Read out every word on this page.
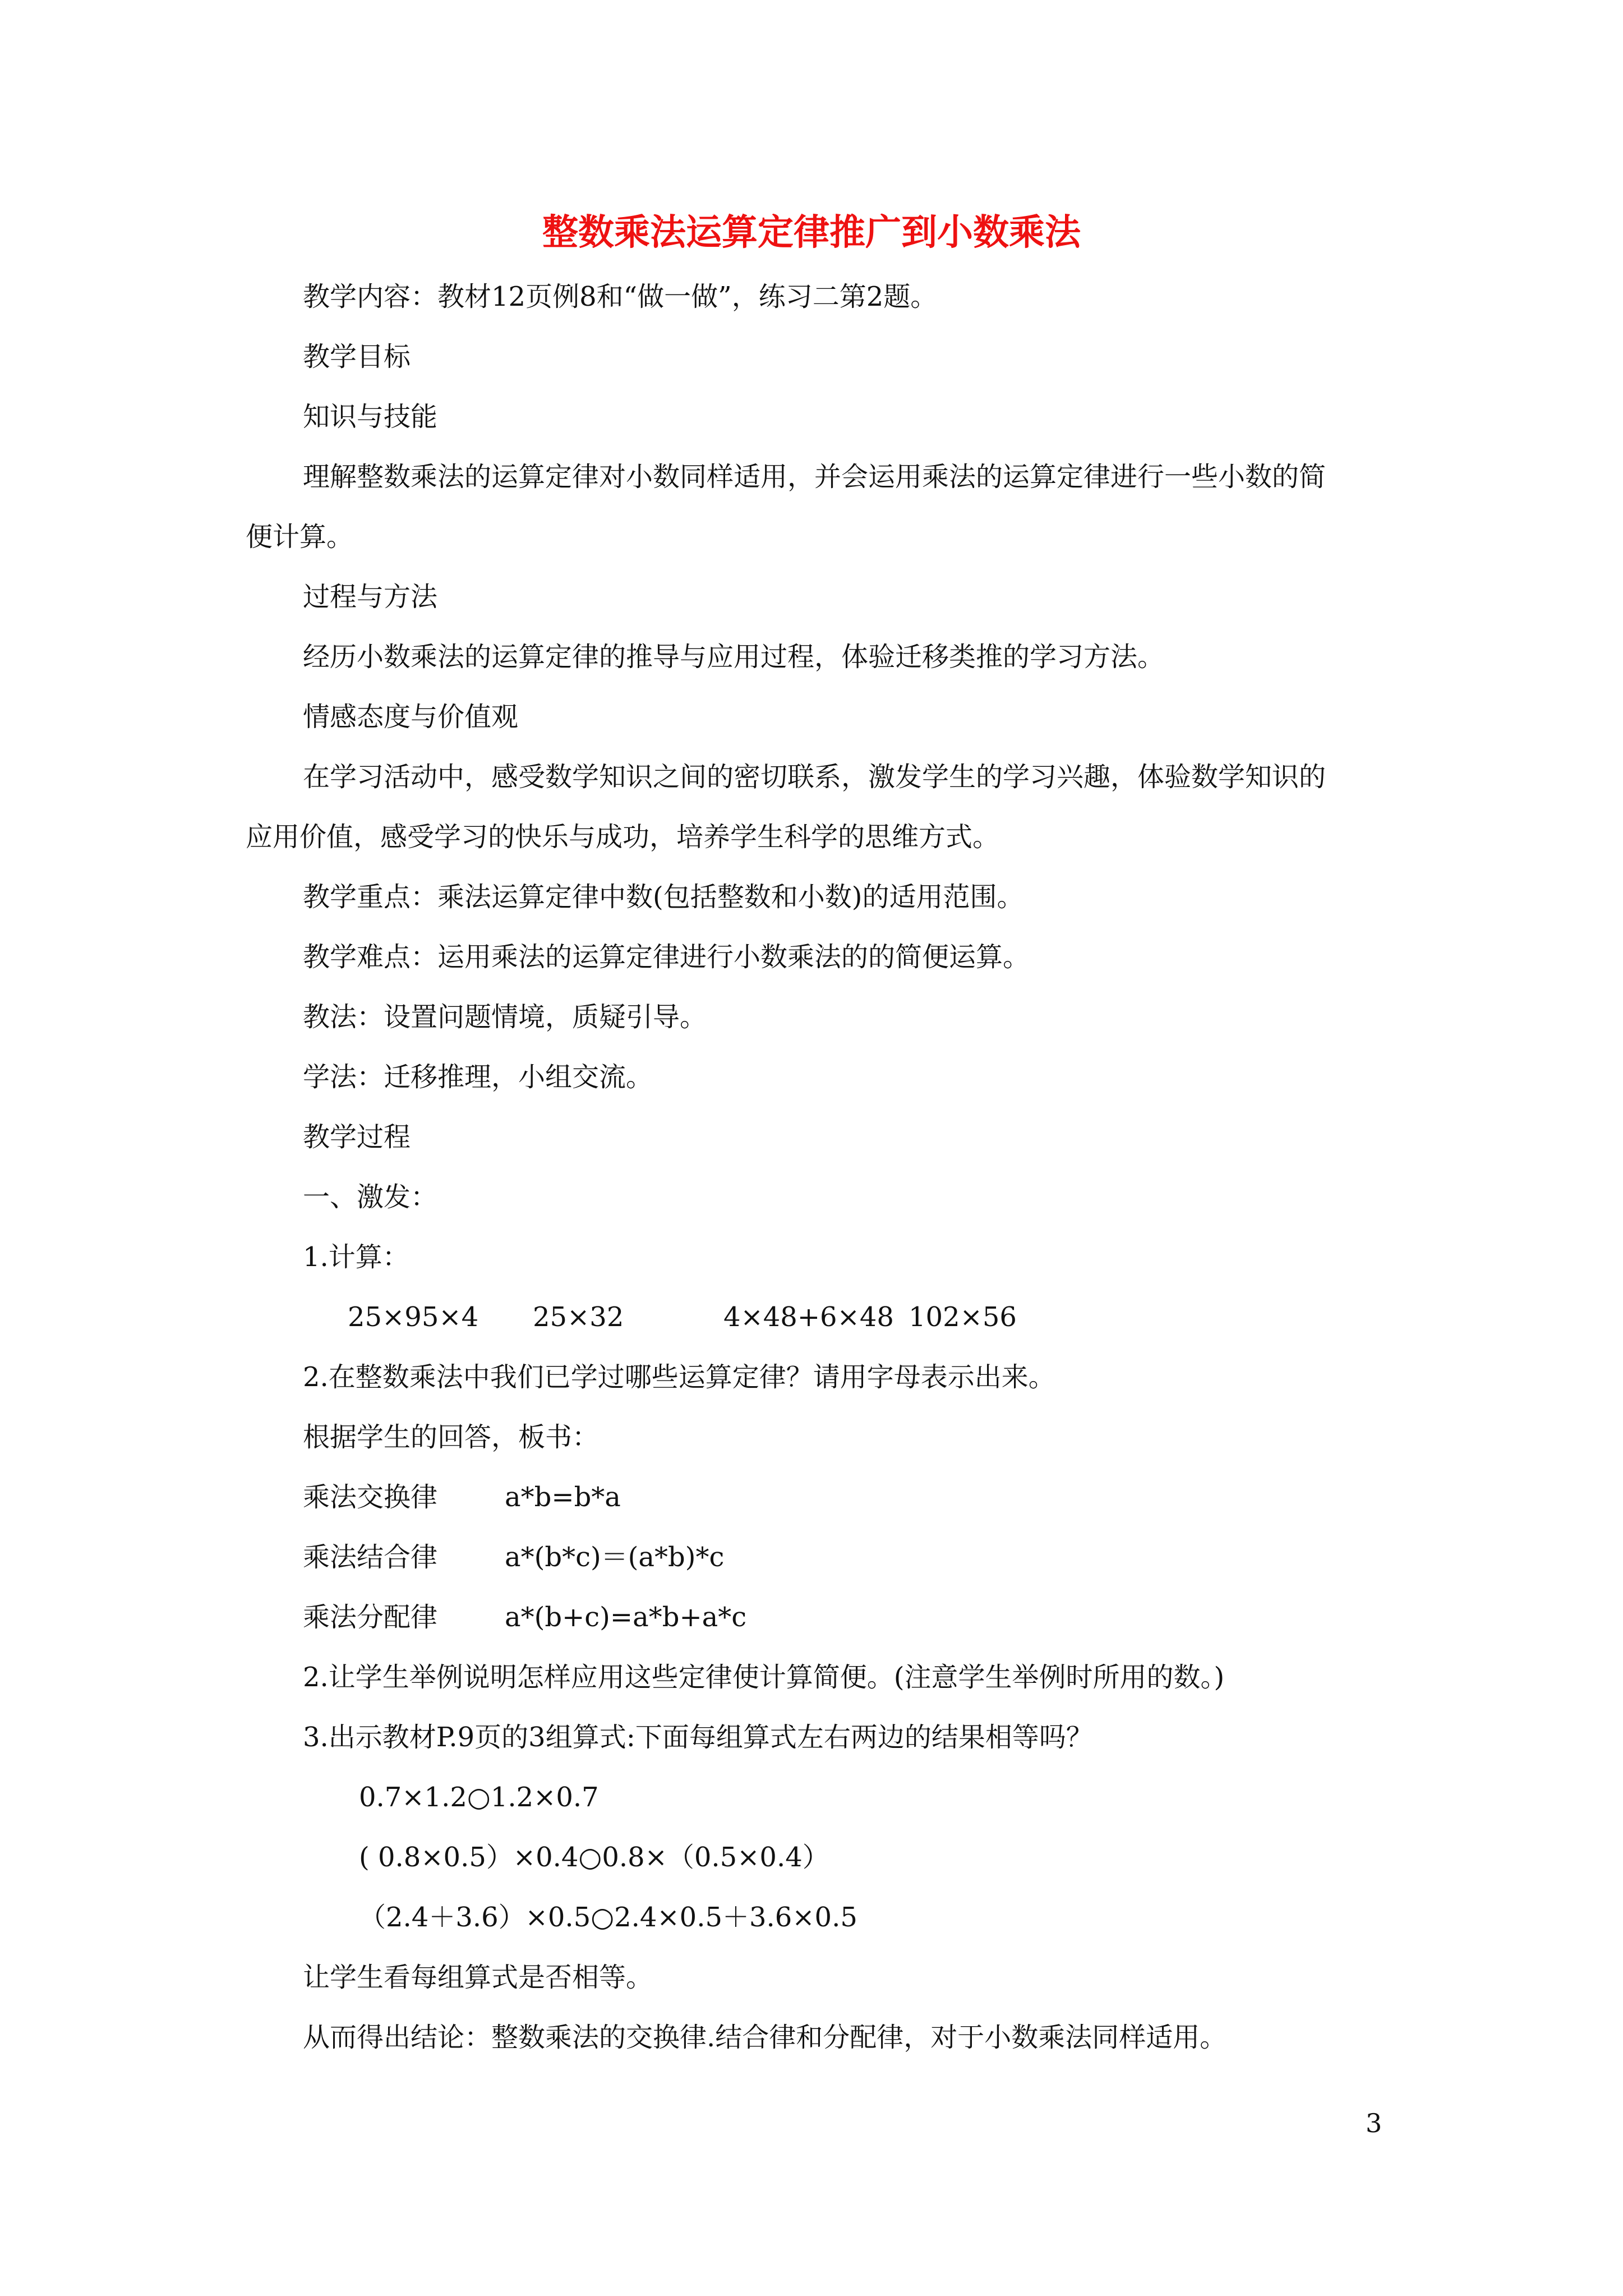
整数乘法运算定律推广到小数乘法
教学内容：教材12页例8和“做一做”，练习二第2题。
教学目标
知识与技能
理解整数乘法的运算定律对小数同样适用，并会运用乘法的运算定律进行一些小数的简
便计算。
过程与方法
经历小数乘法的运算定律的推导与应用过程，体验迁移类推的学习方法。
情感态度与价值观
在学习活动中，感受数学知识之间的密切联系，激发学生的学习兴趣，体验数学知识的
应用价值，感受学习的快乐与成功，培养学生科学的思维方式。
教学重点：乘法运算定律中数(包括整数和小数)的适用范围。
教学难点：运用乘法的运算定律进行小数乘法的的简便运算。
教法：设置问题情境，质疑引导。
学法：迁移推理，小组交流。
教学过程
一、激发：
1.计算：
25×95×4 25×32	4×48+6×48 102×56
2.在整数乘法中我们已学过哪些运算定律？请用字母表示出来。
根据学生的回答，板书：
乘法交换律 a*b=b*a
乘法结合律 a*(b*c)＝(a*b)*c
乘法分配律 a*(b+c)=a*b+a*c
2.让学生举例说明怎样应用这些定律使计算简便。(注意学生举例时所用的数。)
3.出示教材P.9页的3组算式:下面每组算式左右两边的结果相等吗？
0.7×1.2○1.2×0.7
( 0.8×0.5）×0.4○0.8×（0.5×0.4）
（2.4＋3.6）×0.5○2.4×0.5＋3.6×0.5
让学生看每组算式是否相等。
从而得出结论：整数乘法的交换律.结合律和分配律，对于小数乘法同样适用。
3
